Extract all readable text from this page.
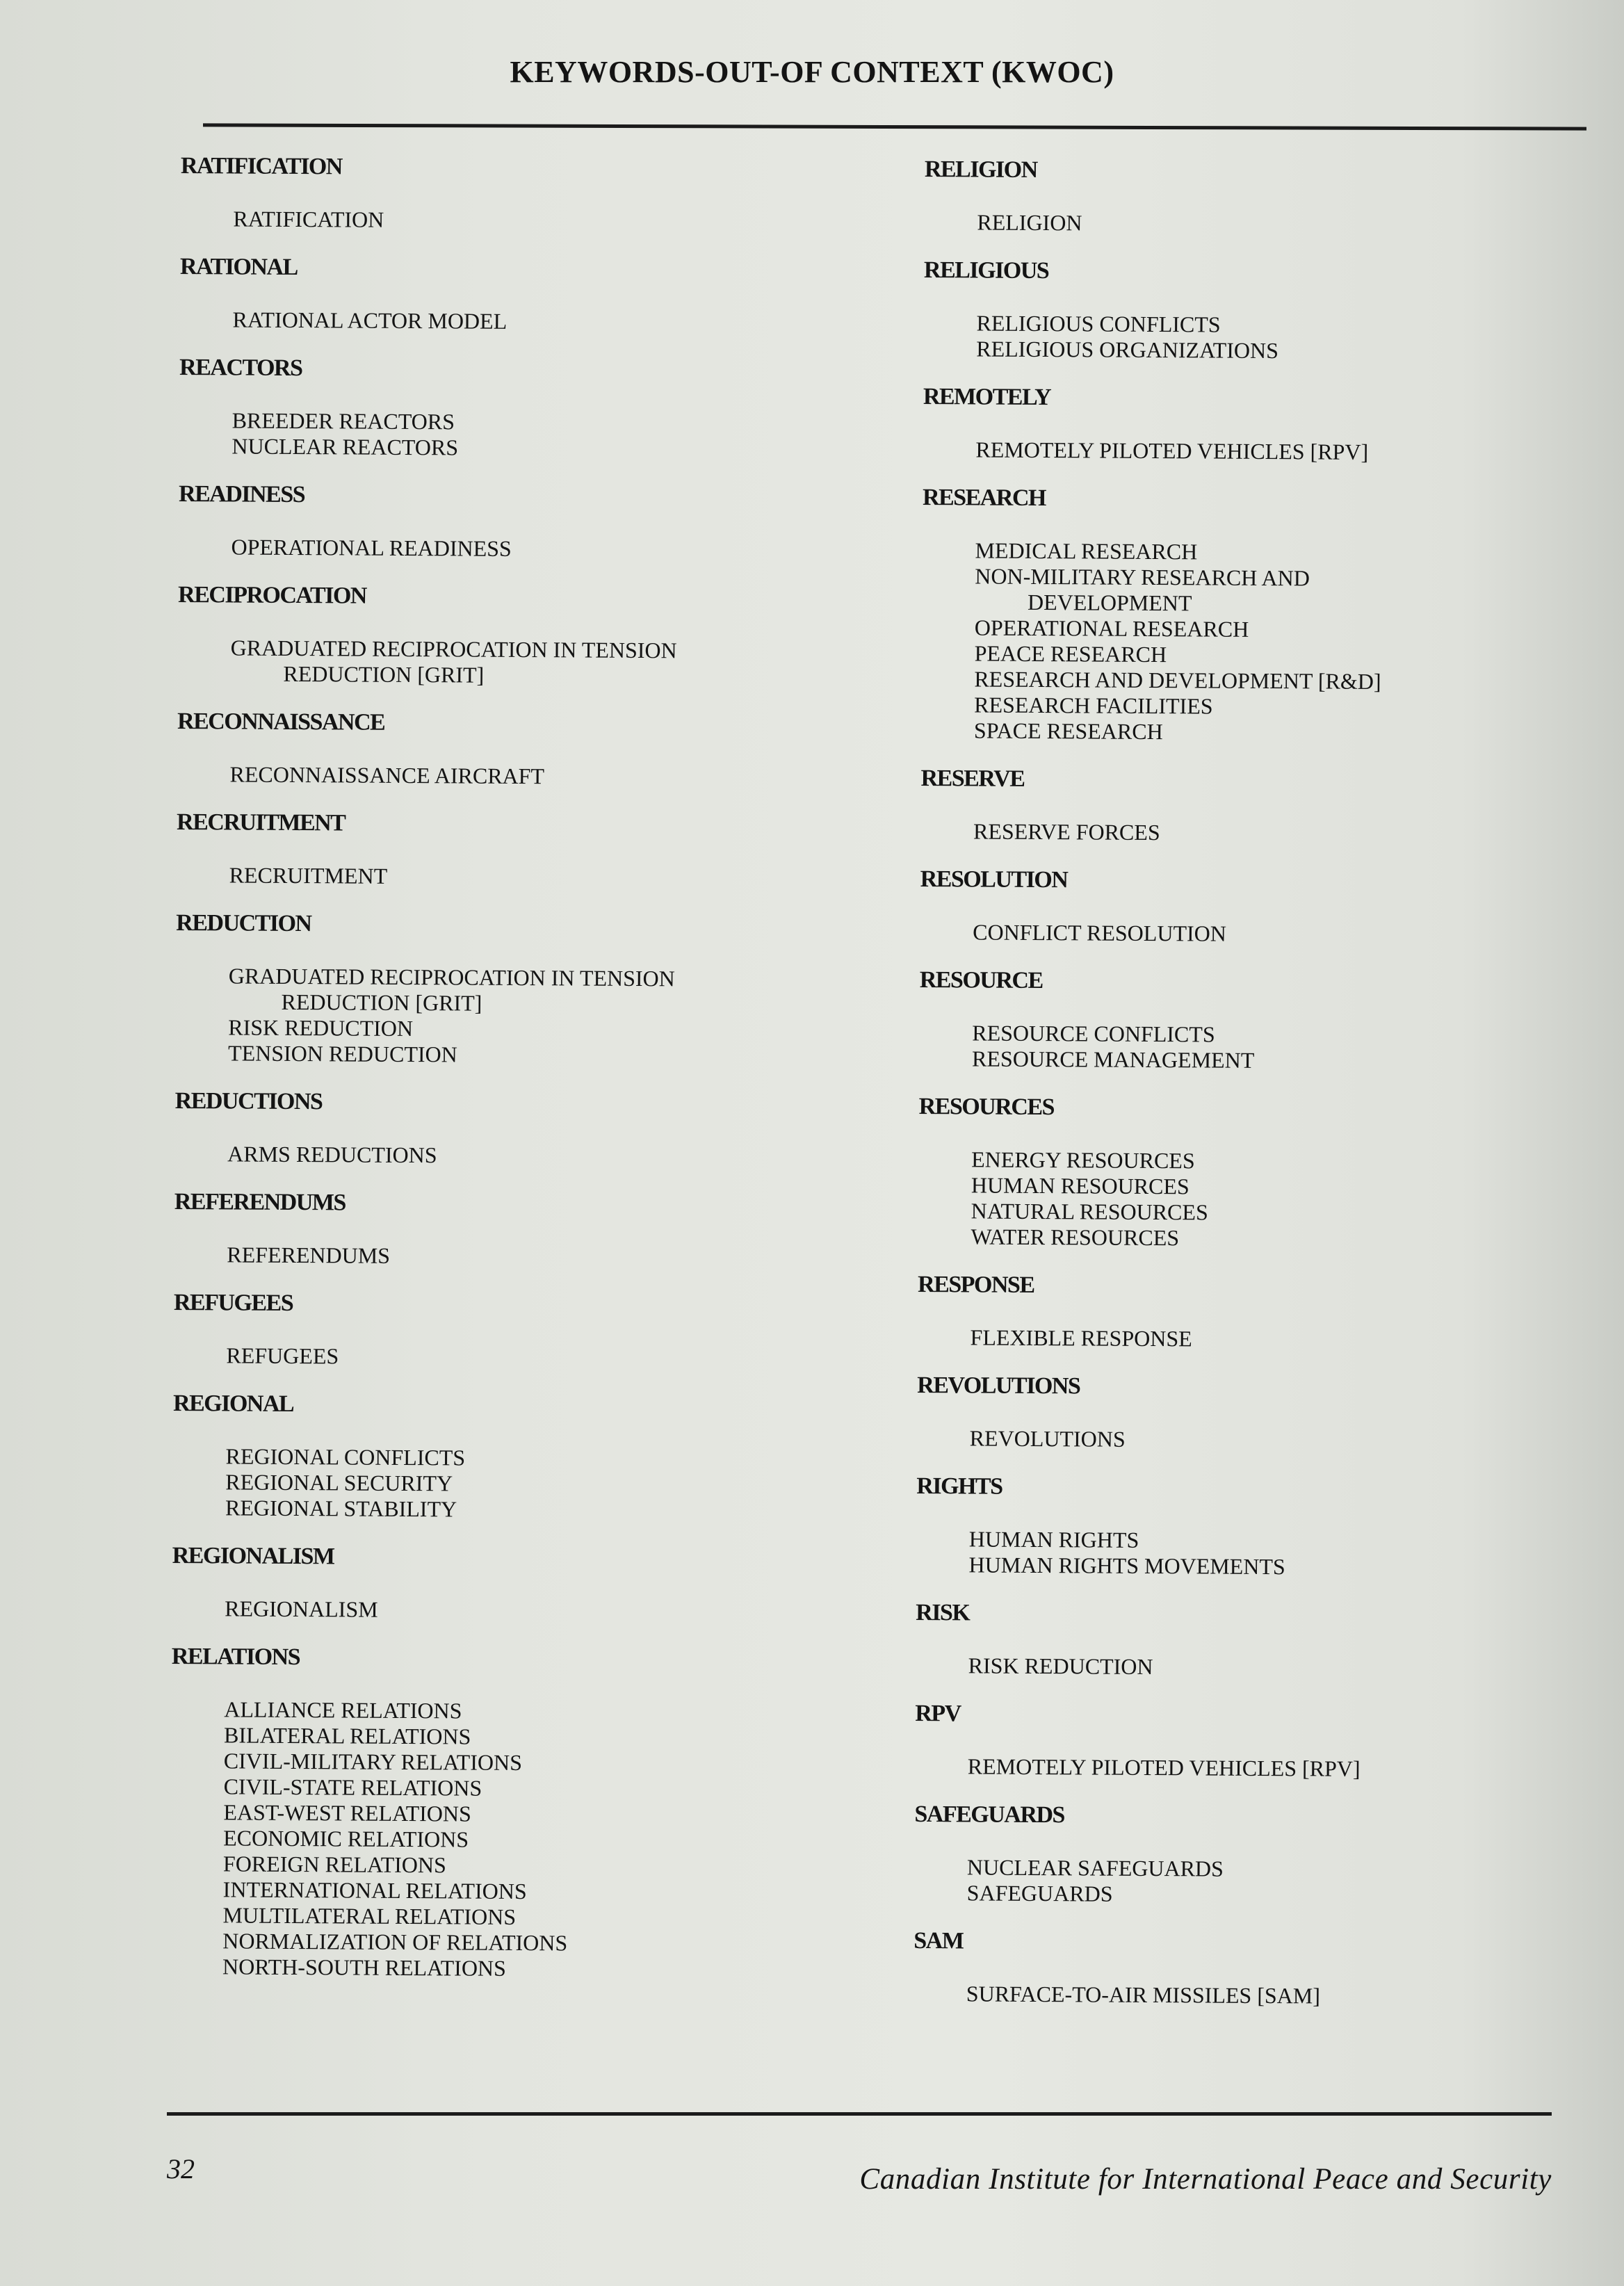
KEYWORDS-OUT-OF CONTEXT (KWOC)
RATIFICATION
RATIFICATION
RATIONAL
RATIONAL ACTOR MODEL
REACTORS
BREEDER REACTORS
NUCLEAR REACTORS
READINESS
OPERATIONAL READINESS
RECIPROCATION
GRADUATED RECIPROCATION IN TENSION
REDUCTION [GRIT]
RECONNAISSANCE
RECONNAISSANCE AIRCRAFT
RECRUITMENT
RECRUITMENT
REDUCTION
GRADUATED RECIPROCATION IN TENSION
REDUCTION [GRIT]
RISK REDUCTION
TENSION REDUCTION
REDUCTIONS
ARMS REDUCTIONS
REFERENDUMS
REFERENDUMS
REFUGEES
REFUGEES
REGIONAL
REGIONAL CONFLICTS
REGIONAL SECURITY
REGIONAL STABILITY
REGIONALISM
REGIONALISM
RELATIONS
ALLIANCE RELATIONS
BILATERAL RELATIONS
CIVIL-MILITARY RELATIONS
CIVIL-STATE RELATIONS
EAST-WEST RELATIONS
ECONOMIC RELATIONS
FOREIGN RELATIONS
INTERNATIONAL RELATIONS
MULTILATERAL RELATIONS
NORMALIZATION OF RELATIONS
NORTH-SOUTH RELATIONS
RELIGION
RELIGION
RELIGIOUS
RELIGIOUS CONFLICTS
RELIGIOUS ORGANIZATIONS
REMOTELY
REMOTELY PILOTED VEHICLES [RPV]
RESEARCH
MEDICAL RESEARCH
NON-MILITARY RESEARCH AND
DEVELOPMENT
OPERATIONAL RESEARCH
PEACE RESEARCH
RESEARCH AND DEVELOPMENT [R&D]
RESEARCH FACILITIES
SPACE RESEARCH
RESERVE
RESERVE FORCES
RESOLUTION
CONFLICT RESOLUTION
RESOURCE
RESOURCE CONFLICTS
RESOURCE MANAGEMENT
RESOURCES
ENERGY RESOURCES
HUMAN RESOURCES
NATURAL RESOURCES
WATER RESOURCES
RESPONSE
FLEXIBLE RESPONSE
REVOLUTIONS
REVOLUTIONS
RIGHTS
HUMAN RIGHTS
HUMAN RIGHTS MOVEMENTS
RISK
RISK REDUCTION
RPV
REMOTELY PILOTED VEHICLES [RPV]
SAFEGUARDS
NUCLEAR SAFEGUARDS
SAFEGUARDS
SAM
SURFACE-TO-AIR MISSILES [SAM]
32	Canadian Institute for International Peace and Security
